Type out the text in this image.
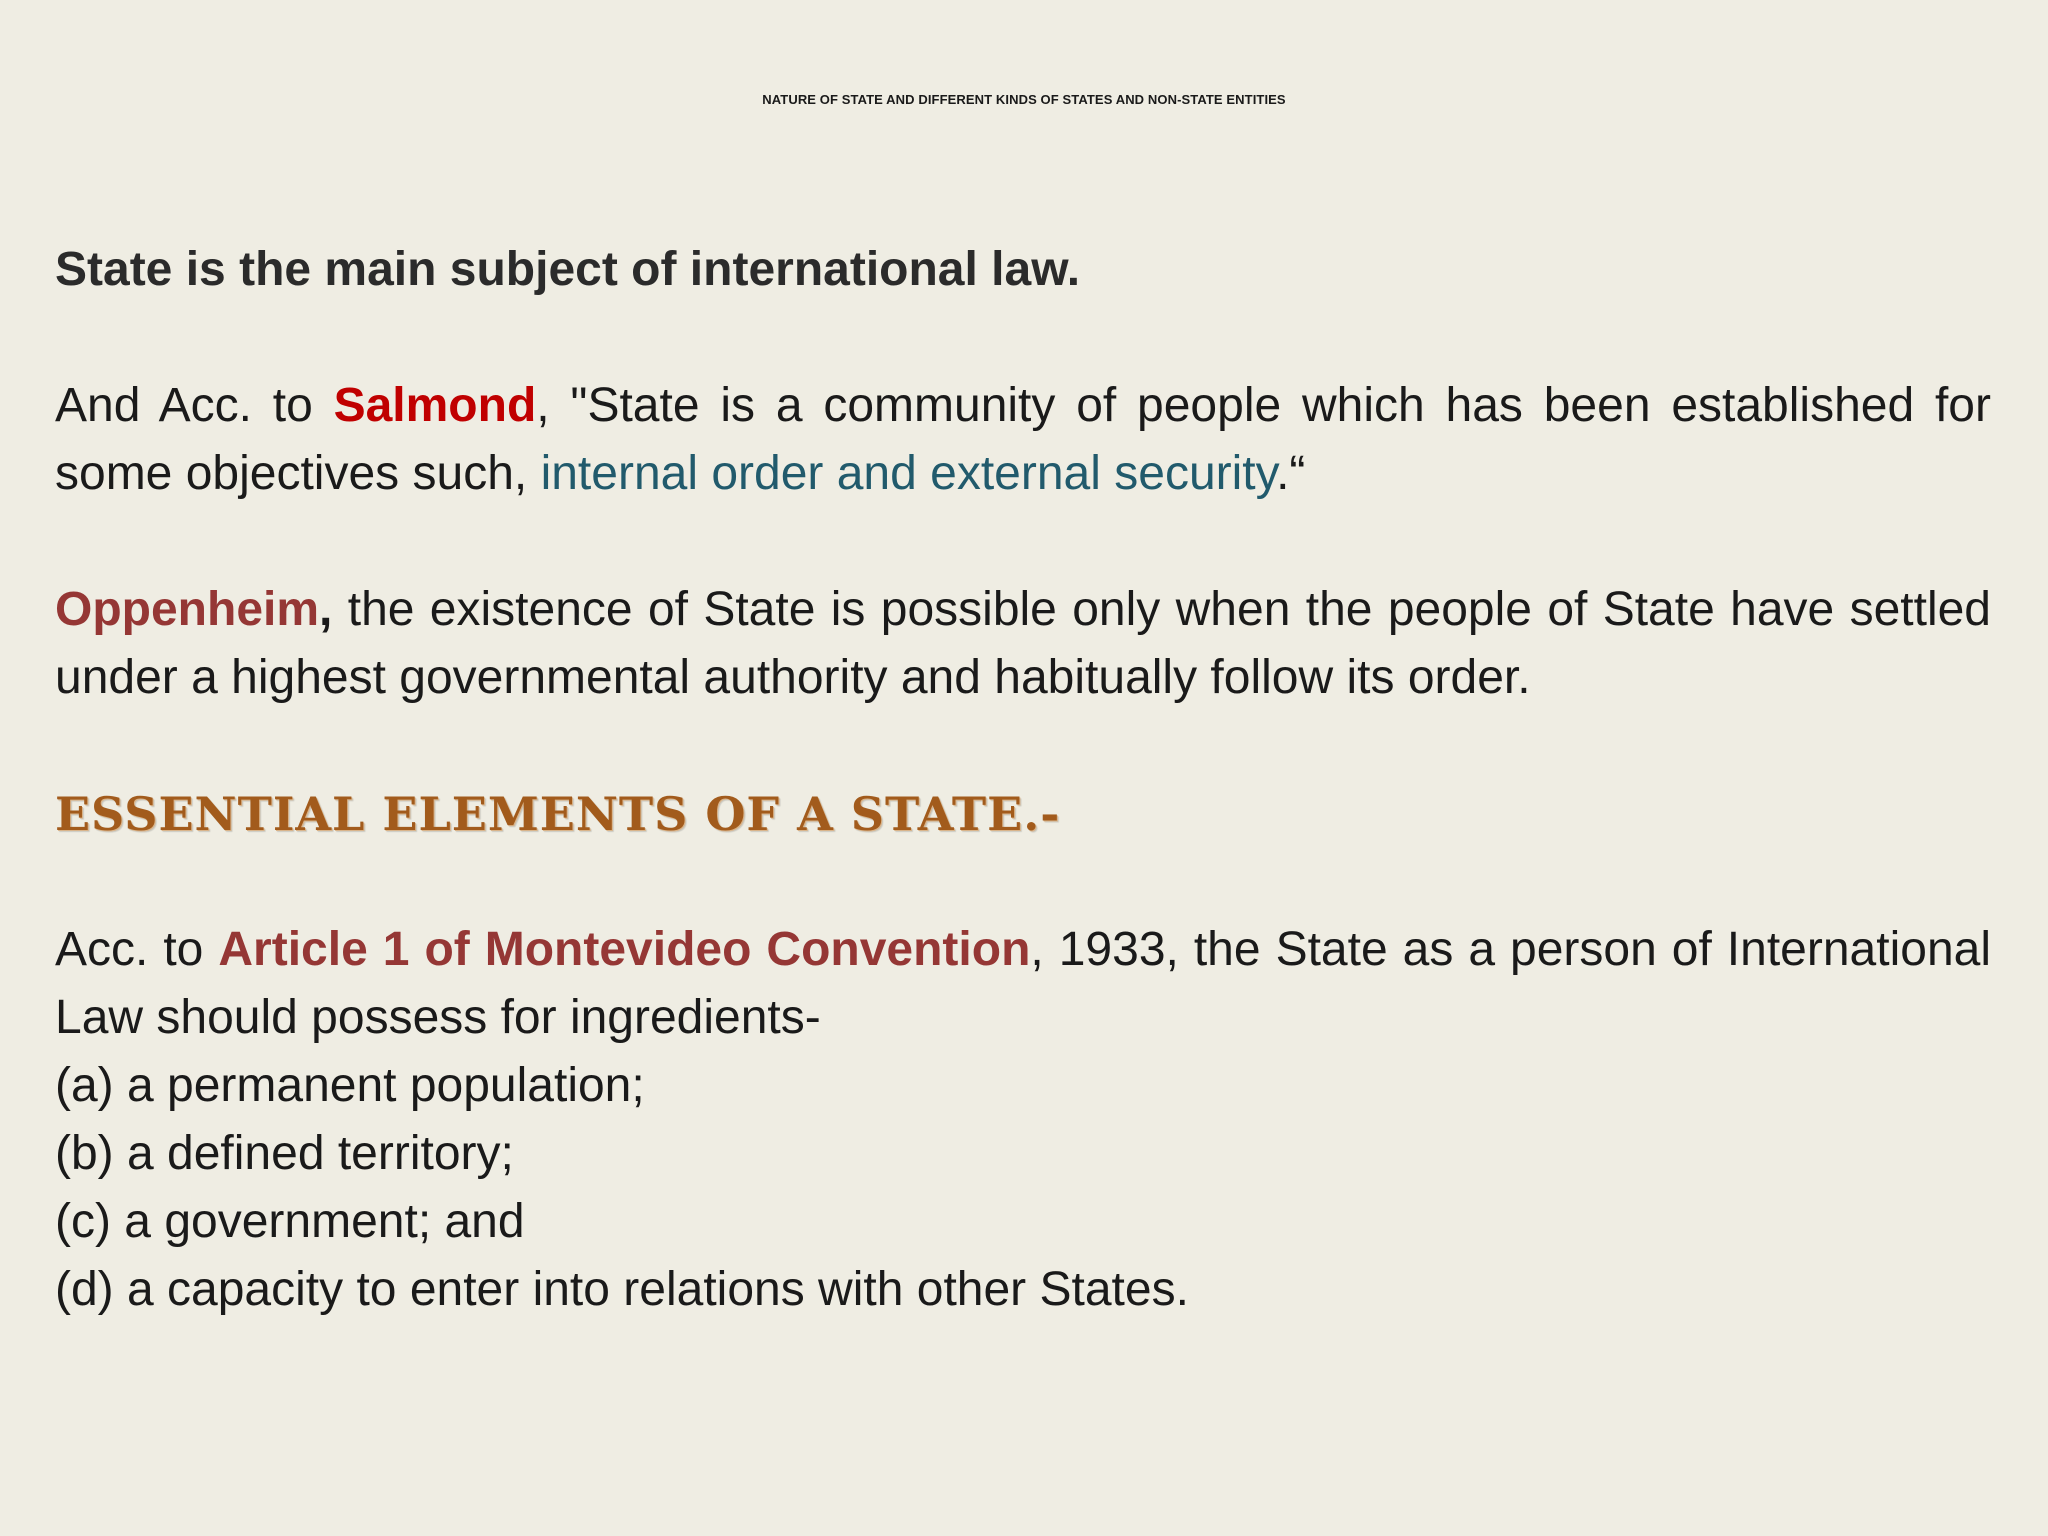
NATURE OF STATE AND DIFFERENT KINDS OF STATES AND NON-STATE ENTITIES

State is the main subject of international law.

And Acc. to Salmond, "State is a community of people which has been established for some objectives such, internal order and external security.“

Oppenheim, the existence of State is possible only when the people of State have settled under a highest governmental authority and habitually follow its order.

ESSENTIAL ELEMENTS OF A STATE.-

Acc. to Article 1 of Montevideo Convention, 1933, the State as a person of International Law should possess for ingredients-

(a) a permanent population;
(b) a defined territory;
(c) a government; and
(d) a capacity to enter into relations with other States.
